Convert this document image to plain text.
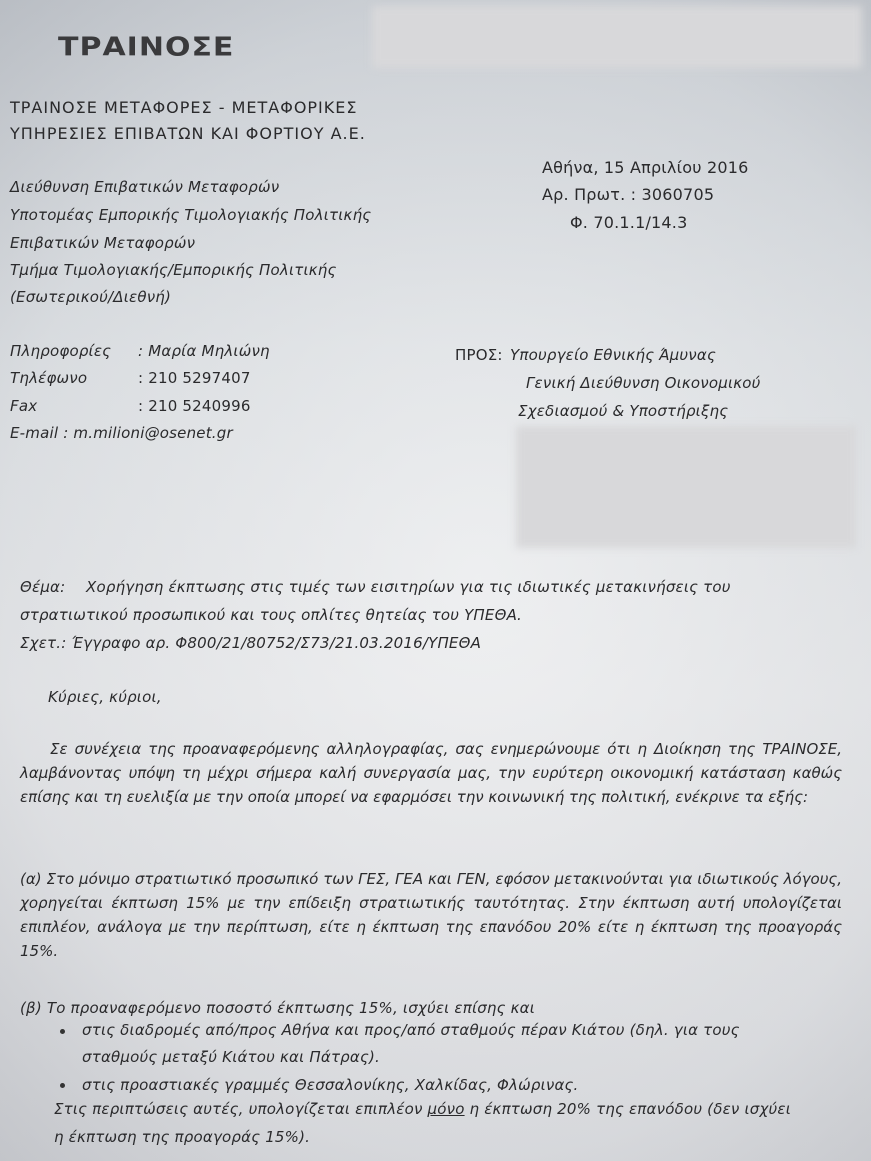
ΤΡΑΙΝΟΣΕ
ΤΡΑΙΝΟΣΕ ΜΕΤΑΦΟΡΕΣ - ΜΕΤΑΦΟΡΙΚΕΣ
ΥΠΗΡΕΣΙΕΣ ΕΠΙΒΑΤΩΝ ΚΑΙ ΦΟΡΤΙΟΥ Α.Ε.
Αθήνα, 15 Απριλίου 2016
Αρ. Πρωτ. : 3060705
Φ. 70.1.1/14.3
Διεύθυνση Επιβατικών Μεταφορών
Υποτομέας Εμπορικής Τιμολογιακής Πολιτικής
Επιβατικών Μεταφορών
Τμήμα Τιμολογιακής/Εμπορικής Πολιτικής
(Εσωτερικού/Διεθνή)
Πληροφορίες : Μαρία Μηλιώνη
Τηλέφωνο	: 210 5297407
Fax	: 210 5240996
E-mail : m.milioni@osenet.gr
ΠΡΟΣ: Υπουργείο Εθνικής Άμυνας
Γενική Διεύθυνση Οικονομικού
Σχεδιασμού & Υποστήριξης
Θέμα: Χορήγηση έκπτωσης στις τιμές των εισιτηρίων για τις ιδιωτικές μετακινήσεις του
στρατιωτικού προσωπικού και τους οπλίτες θητείας του ΥΠΕΘΑ.
Σχετ.: Έγγραφο αρ. Φ800/21/80752/Σ73/21.03.2016/ΥΠΕΘΑ
Κύριες, κύριοι,
Σε συνέχεια της προαναφερόμενης αλληλογραφίας, σας ενημερώνουμε ότι η Διοίκηση της ΤΡΑΙΝΟΣΕ, λαμβάνοντας υπόψη τη μέχρι σήμερα καλή συνεργασία μας, την ευρύτερη οικονομική κατάσταση καθώς επίσης και τη ευελιξία με την οποία μπορεί να εφαρμόσει την κοινωνική της πολιτική, ενέκρινε τα εξής:
(α) Στο μόνιμο στρατιωτικό προσωπικό των ΓΕΣ, ΓΕΑ και ΓΕΝ, εφόσον μετακινούνται για ιδιωτικούς λόγους, χορηγείται έκπτωση 15% με την επίδειξη στρατιωτικής ταυτότητας. Στην έκπτωση αυτή υπολογίζεται επιπλέον, ανάλογα με την περίπτωση, είτε η έκπτωση της επανόδου 20% είτε η έκπτωση της προαγοράς 15%.
(β) Το προαναφερόμενο ποσοστό έκπτωσης 15%, ισχύει επίσης και
στις διαδρομές από/προς Αθήνα και προς/από σταθμούς πέραν Κιάτου (δηλ. για τους
σταθμούς μεταξύ Κιάτου και Πάτρας).
στις προαστιακές γραμμές Θεσσαλονίκης, Χαλκίδας, Φλώρινας.
Στις περιπτώσεις αυτές, υπολογίζεται επιπλέον μόνο η έκπτωση 20% της επανόδου (δεν ισχύει
η έκπτωση της προαγοράς 15%).
